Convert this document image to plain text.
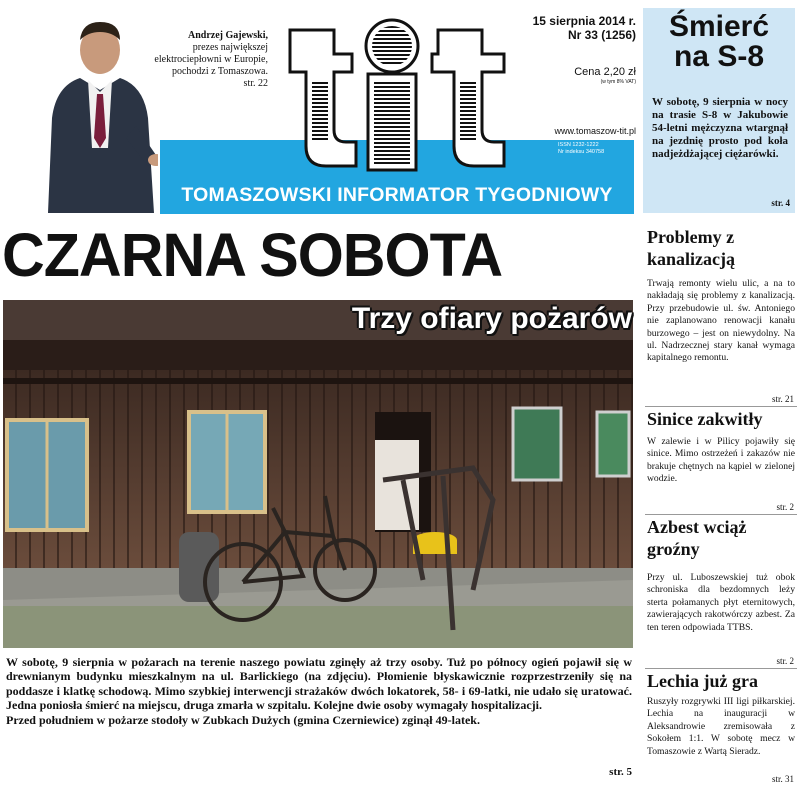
Andrzej Gajewski,
prezes największej elektrociepłowni w Europie, pochodzi z Tomaszowa.
str. 22
TOMASZOWSKI INFORMATOR TYGODNIOWY
15 sierpnia 2014 r.
Nr 33 (1256)
Cena 2,20 zł
(w tym 8% VAT)
www.tomaszow-tit.pl
ISSN 1232-1222
Nr indeksu 340758
Śmierć
na S-8
W sobotę, 9 sierpnia w nocy na trasie S-8 w Jakubowie 54-letni mężczyzna wtargnął na jezdnię prosto pod koła nadjeżdżającej ciężarówki.
str. 4
CZARNA SOBOTA
Trzy ofiary pożarów

W sobotę, 9 sierpnia w pożarach na terenie naszego powiatu zginęły aż trzy osoby. Tuż po północy ogień pojawił się w drewnianym budynku mieszkalnym na ul. Barlickiego (na zdjęciu). Płomienie błyskawicznie rozprzestrzeniły się na poddasze i klatkę schodową. Mimo szybkiej interwencji strażaków dwóch lokatorek, 58- i 69-latki, nie udało się uratować. Jedna poniosła śmierć na miejscu, druga zmarła w szpitalu. Kolejne dwie osoby wymagały hospitalizacji.

Przed południem w pożarze stodoły w Zubkach Dużych (gmina Czerniewice) zginął 49-latek.

str. 5
Problemy z kanalizacją
Trwają remonty wielu ulic, a na to nakładają się problemy z kanalizacją. Przy przebudowie ul. św. Antoniego nie zaplanowano renowacji kanału burzowego – jest on niewydolny. Na ul. Nadrzecznej stary kanał wymaga kapitalnego remontu.
str. 21
Sinice zakwitły
W zalewie i w Pilicy pojawiły się sinice. Mimo ostrzeżeń i zakazów nie brakuje chętnych na kąpiel w zielonej wodzie.
str. 2
Azbest wciąż groźny
Przy ul. Luboszewskiej tuż obok schroniska dla bezdomnych leży sterta połamanych płyt eternitowych, zawierających rakotwórczy azbest. Za ten teren odpowiada TTBS.
str. 2
Lechia już gra
Ruszyły rozgrywki III ligi piłkarskiej. Lechia na inauguracji w Aleksandrowie zremisowała z Sokołem 1:1. W sobotę mecz w Tomaszowie z Wartą Sieradz.
str. 31
